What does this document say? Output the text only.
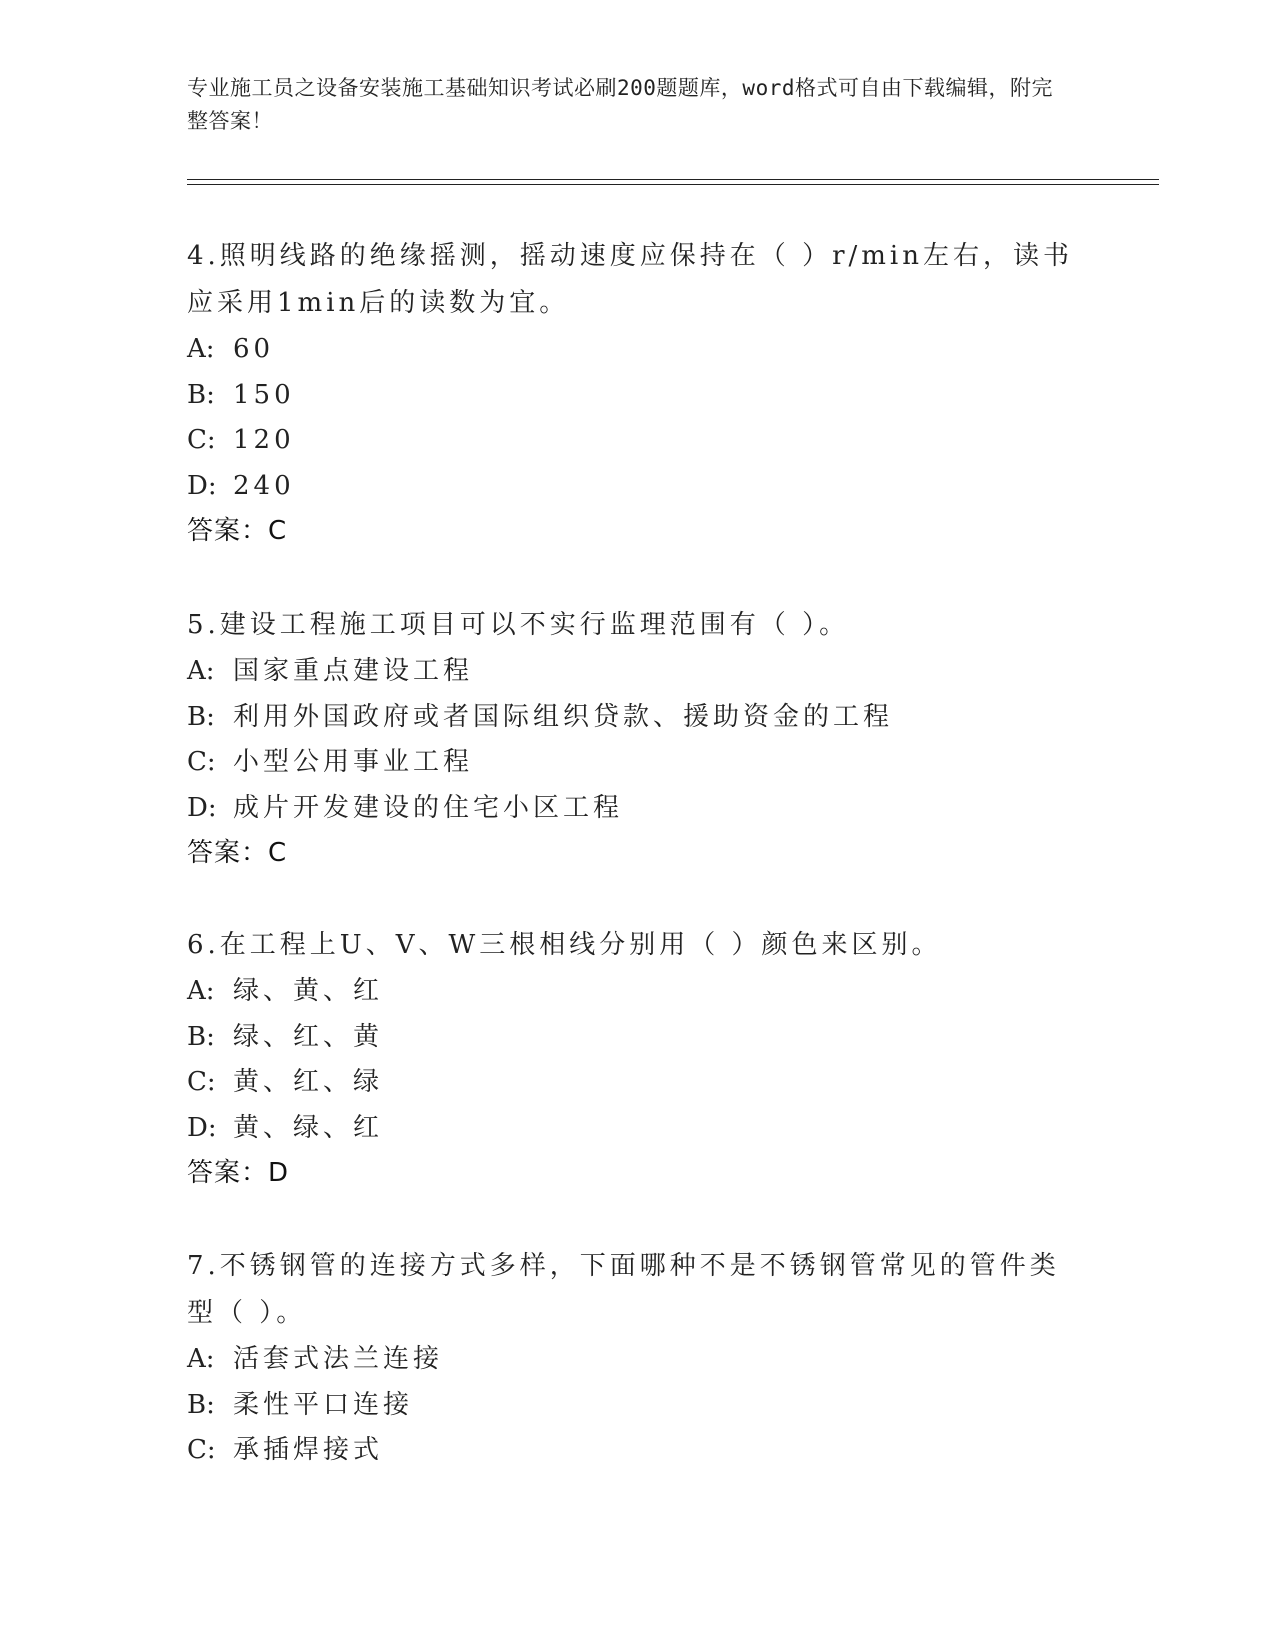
专业施工员之设备安装施工基础知识考试必刷200题题库，word格式可自由下载编辑，附完整答案！

4.照明线路的绝缘摇测，摇动速度应保持在（ ）r/min左右，读书应采用1min后的读数为宜。

A: 60
B: 150
C: 120
D: 240
答案：C

5.建设工程施工项目可以不实行监理范围有（ ）。

A: 国家重点建设工程
B: 利用外国政府或者国际组织贷款、援助资金的工程
C: 小型公用事业工程
D: 成片开发建设的住宅小区工程
答案：C

6.在工程上U、V、W三根相线分别用（ ）颜色来区别。

A: 绿、黄、红
B: 绿、红、黄
C: 黄、红、绿
D: 黄、绿、红
答案：D

7.不锈钢管的连接方式多样，下面哪种不是不锈钢管常见的管件类型（ ）。

A: 活套式法兰连接
B: 柔性平口连接
C: 承插焊接式
